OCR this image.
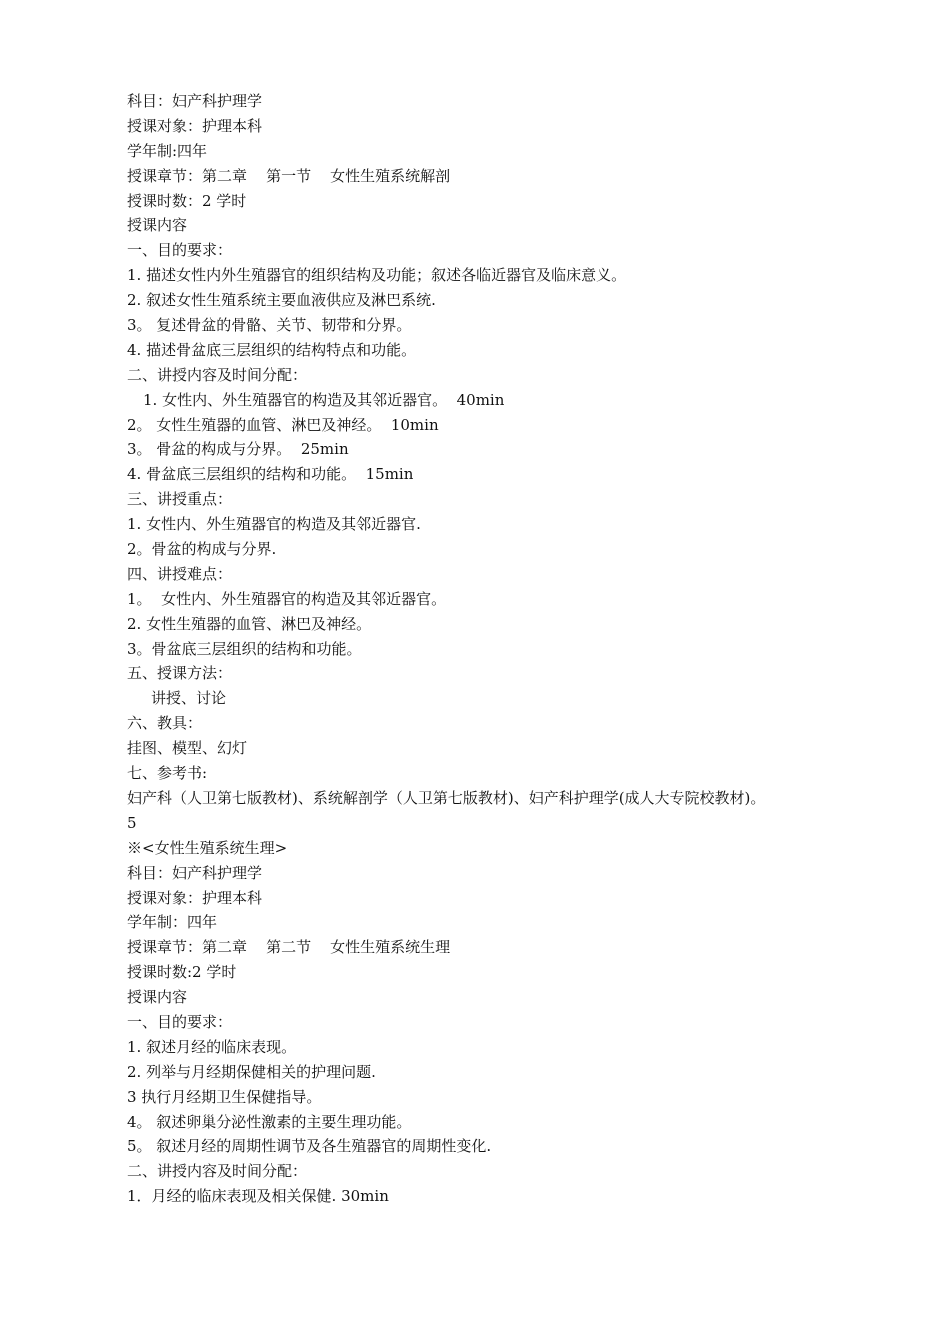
科目：妇产科护理学
授课对象：护理本科
学年制:四年
授课章节：第二章    第一节    女性生殖系统解剖
授课时数：2 学时
授课内容
一、目的要求：
1. 描述女性内外生殖器官的组织结构及功能；叙述各临近器官及临床意义。
2. 叙述女性生殖系统主要血液供应及淋巴系统.
3。 复述骨盆的骨骼、关节、韧带和分界。
4. 描述骨盆底三层组织的结构特点和功能。
二、讲授内容及时间分配：
1. 女性内、外生殖器官的构造及其邻近器官。  40min
2。 女性生殖器的血管、淋巴及神经。  10min
3。 骨盆的构成与分界。  25min
4. 骨盆底三层组织的结构和功能。  15min
三、讲授重点：
1. 女性内、外生殖器官的构造及其邻近器官.
2。骨盆的构成与分界.
四、讲授难点：
1。  女性内、外生殖器官的构造及其邻近器官。
2. 女性生殖器的血管、淋巴及神经。
3。骨盆底三层组织的结构和功能。
五、授课方法：
讲授、讨论
六、教具：
挂图、模型、幻灯
七、参考书:
妇产科（人卫第七版教材)、系统解剖学（人卫第七版教材)、妇产科护理学(成人大专院校教材)。
5
※<女性生殖系统生理>
科目：妇产科护理学
授课对象：护理本科
学年制：四年
授课章节：第二章    第二节    女性生殖系统生理
授课时数:2 学时
授课内容
一、目的要求：
1. 叙述月经的临床表现。
2. 列举与月经期保健相关的护理问题.
3 执行月经期卫生保健指导。
4。 叙述卵巢分泌性激素的主要生理功能。
5。 叙述月经的周期性调节及各生殖器官的周期性变化.
二、讲授内容及时间分配：
1．月经的临床表现及相关保健. 30min
